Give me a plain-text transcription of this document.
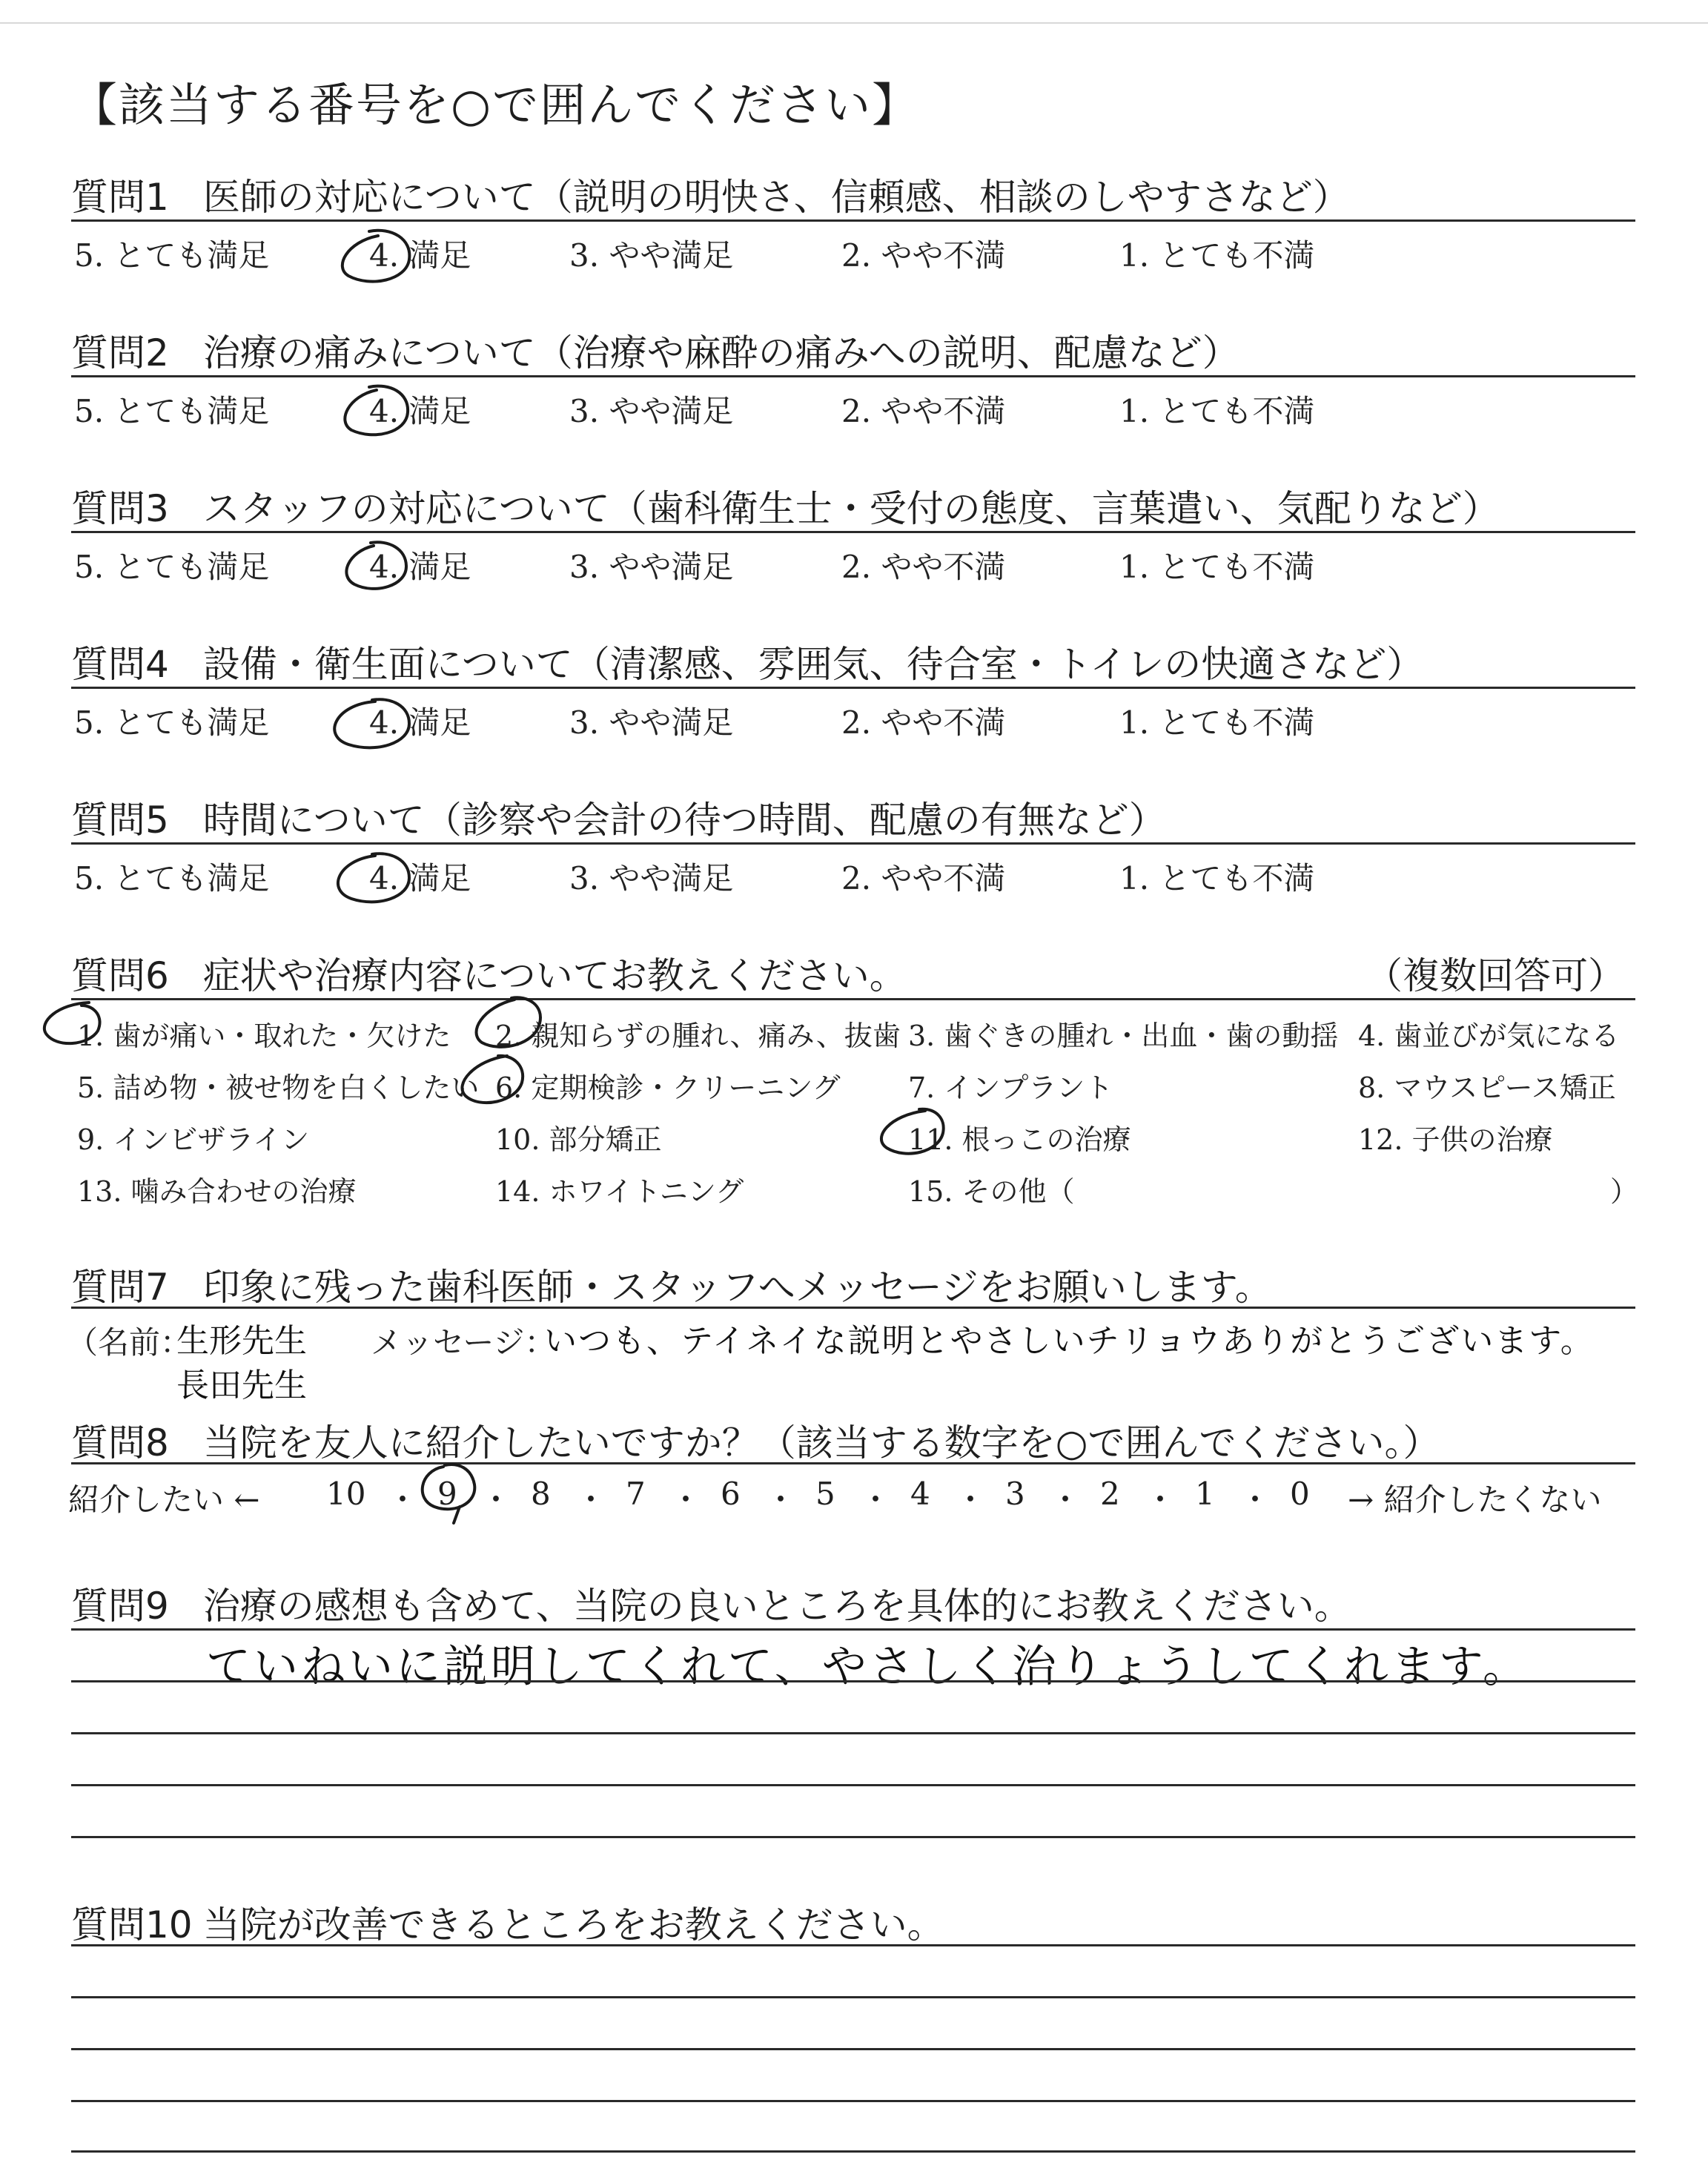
【該当する番号を○で囲んでください】
質問1 医師の対応について（説明の明快さ、信頼感、相談のしやすさなど）
5. とても満足	4. 満足	3. やや満足	2. やや不満	1. とても不満
質問2 治療の痛みについて（治療や麻酔の痛みへの説明、配慮など）
5. とても満足	4. 満足	3. やや満足	2. やや不満	1. とても不満
質問3 スタッフの対応について（歯科衛生士・受付の態度、言葉遣い、気配りなど）
5. とても満足	4. 満足	3. やや満足	2. やや不満	1. とても不満
質問4 設備・衛生面について（清潔感、雰囲気、待合室・トイレの快適さなど）
5. とても満足	4. 満足	3. やや満足	2. やや不満	1. とても不満
質問5 時間について（診察や会計の待つ時間、配慮の有無など）
5. とても満足	4. 満足	3. やや満足	2. やや不満	1. とても不満
質問6 症状や治療内容についてお教えください。	（複数回答可）
1. 歯が痛い・取れた・欠けた 2. 親知らずの腫れ、痛み、抜歯 3. 歯ぐきの腫れ・出血・歯の動揺 4. 歯並びが気になる
5. 詰め物・被せ物を白くしたい 6. 定期検診・クリーニング 7. インプラント	8. マウスピース矯正
9. インビザライン	10. 部分矯正	11. 根っこの治療	12. 子供の治療
13. 噛み合わせの治療	14. ホワイトニング	15. その他（	）
質問7 印象に残った歯科医師・スタッフへメッセージをお願いします。
（名前：
生形先生
長田先生
メッセージ：
いつも、テイネイな説明とやさしいチリョウありがとうございます。
質問8 当院を友人に紹介したいですか？（該当する数字を○で囲んでください。）
紹介したい ← 10 ・ 9 ・ 8 ・ 7 ・ 6 ・ 5 ・ 4 ・ 3 ・ 2 ・ 1 ・ 0 → 紹介したくない
質問9 治療の感想も含めて、当院の良いところを具体的にお教えください。
ていねいに説明してくれて、やさしく治りょうしてくれます。
質問10 当院が改善できるところをお教えください。
